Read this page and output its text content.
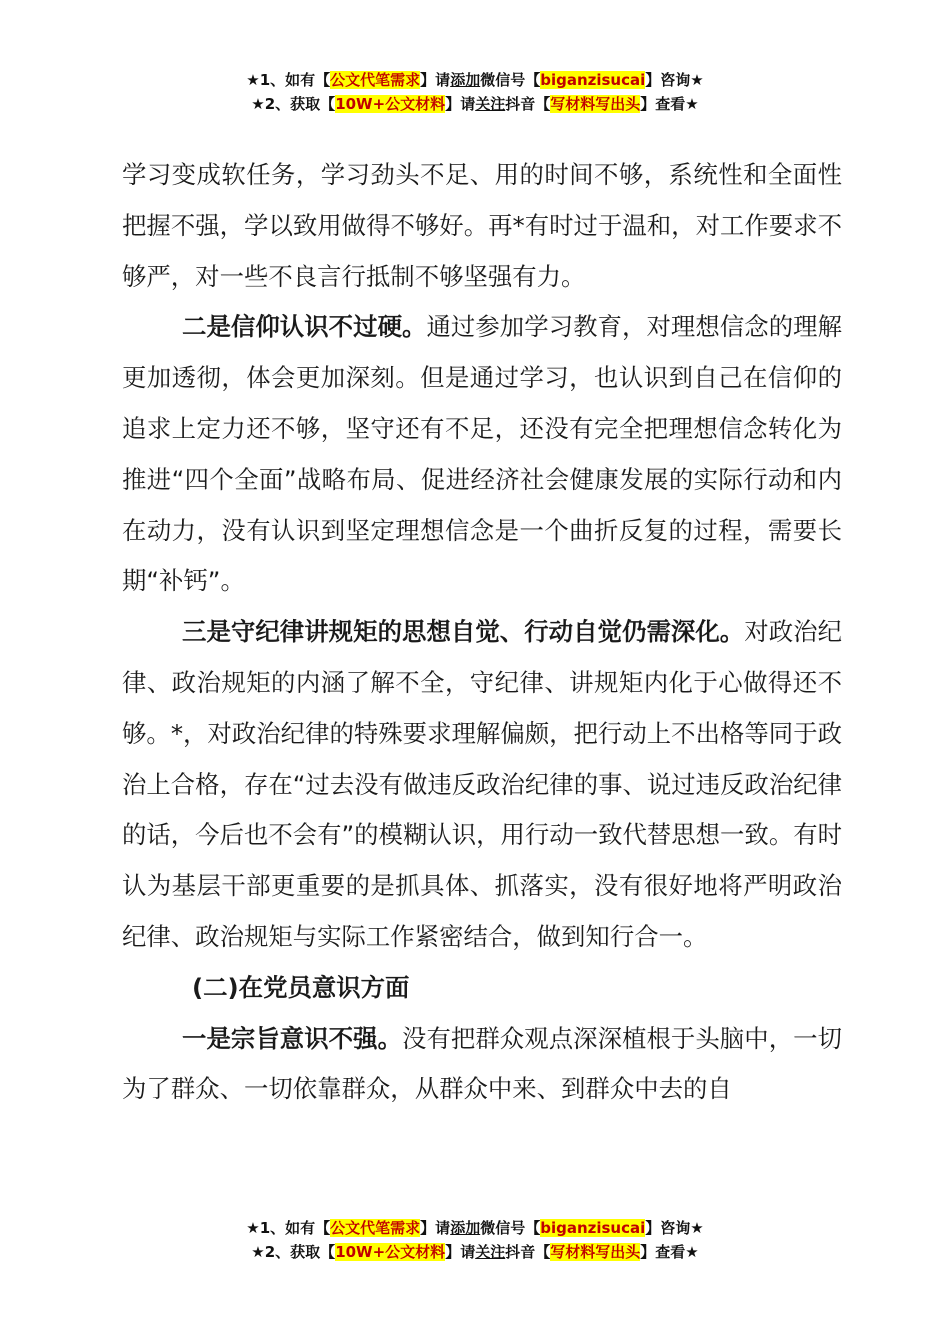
★1、如有【公文代笔需求】请添加微信号【biganzisucai】咨询★
★2、获取【10W+公文材料】请关注抖音【写材料写出头】查看★

学习变成软任务，学习劲头不足、用的时间不够，系统性和全面性把握不强，学以致用做得不够好。再*有时过于温和，对工作要求不够严，对一些不良言行抵制不够坚强有力。

二是信仰认识不过硬。通过参加学习教育，对理想信念的理解更加透彻，体会更加深刻。但是通过学习，也认识到自己在信仰的追求上定力还不够，坚守还有不足，还没有完全把理想信念转化为推进“四个全面”战略布局、促进经济社会健康发展的实际行动和内在动力，没有认识到坚定理想信念是一个曲折反复的过程，需要长期“补钙”。

三是守纪律讲规矩的思想自觉、行动自觉仍需深化。对政治纪律、政治规矩的内涵了解不全，守纪律、讲规矩内化于心做得还不够。*，对政治纪律的特殊要求理解偏颇，把行动上不出格等同于政治上合格，存在“过去没有做违反政治纪律的事、说过违反政治纪律的话，今后也不会有”的模糊认识，用行动一致代替思想一致。有时认为基层干部更重要的是抓具体、抓落实，没有很好地将严明政治纪律、政治规矩与实际工作紧密结合，做到知行合一。

(二)在党员意识方面

一是宗旨意识不强。没有把群众观点深深植根于头脑中，一切为了群众、一切依靠群众，从群众中来、到群众中去的自

★1、如有【公文代笔需求】请添加微信号【biganzisucai】咨询★
★2、获取【10W+公文材料】请关注抖音【写材料写出头】查看★
